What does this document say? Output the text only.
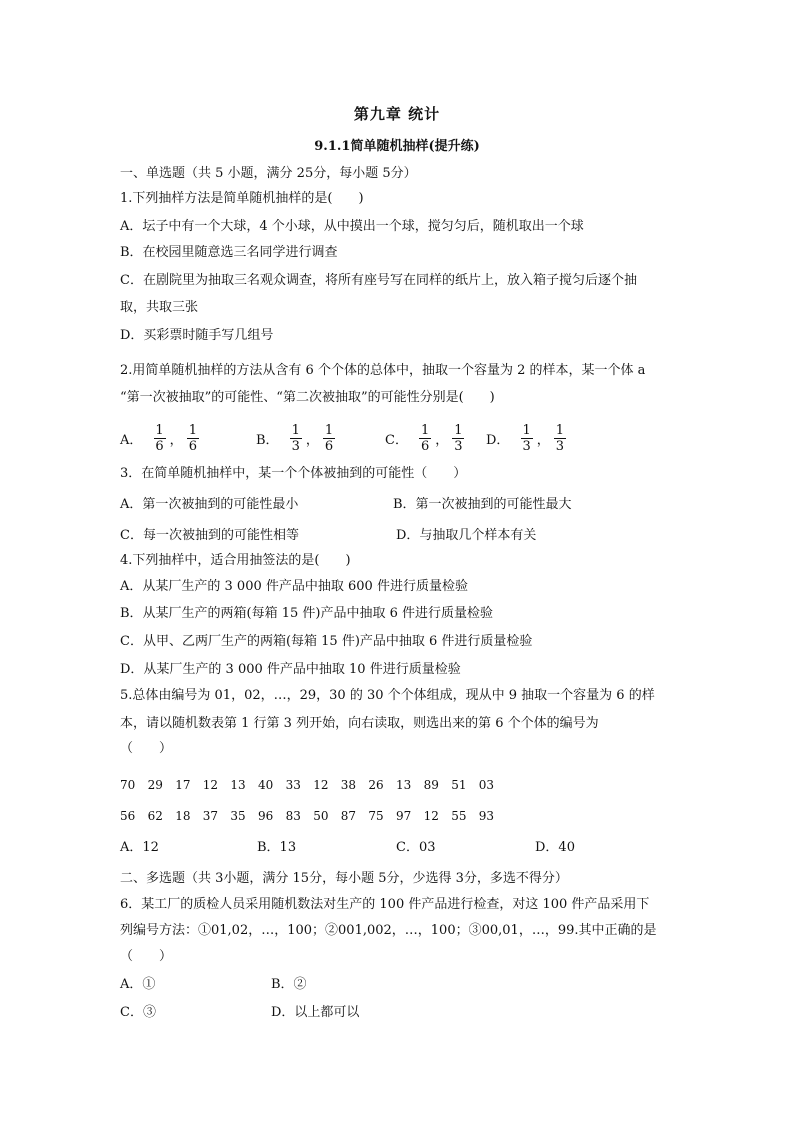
第九章 统计
9.1.1简单随机抽样(提升练)
一、单选题（共 5 小题，满分 25分，每小题 5分）
1.下列抽样方法是简单随机抽样的是(　　)
A．坛子中有一个大球，4 个小球，从中摸出一个球，搅匀匀后，随机取出一个球
B．在校园里随意选三名同学进行调查
C．在剧院里为抽取三名观众调查，将所有座号写在同样的纸片上，放入箱子搅匀后逐个抽
取，共取三张
D．买彩票时随手写几组号
2.用简单随机抽样的方法从含有 6 个个体的总体中，抽取一个容量为 2 的样本，某一个体 a
“第一次被抽取”的可能性、“第二次被抽取”的可能性分别是(　　)
A． $\frac{1}{6}$ ， $\frac{1}{6}$	B． $\frac{1}{3}$ ， $\frac{1}{6}$	C． $\frac{1}{6}$ ， $\frac{1}{3}$ D． $\frac{1}{3}$ ， $\frac{1}{3}$
3．在简单随机抽样中，某一个个体被抽到的可能性（　　）
A．第一次被抽到的可能性最小	B．第一次被抽到的可能性最大
C．每一次被抽到的可能性相等	D．与抽取几个样本有关
4.下列抽样中，适合用抽签法的是(　　)
A．从某厂生产的 3 000 件产品中抽取 600 件进行质量检验
B．从某厂生产的两箱(每箱 15 件)产品中抽取 6 件进行质量检验
C．从甲、乙两厂生产的两箱(每箱 15 件)产品中抽取 6 件进行质量检验
D．从某厂生产的 3 000 件产品中抽取 10 件进行质量检验
5.总体由编号为 01，02，…，29，30 的 30 个个体组成，现从中 9 抽取一个容量为 6 的样
本，请以随机数表第 1 行第 3 列开始，向右读取，则选出来的第 6 个个体的编号为
（　　）
70 29 17 12 13 40 33 12 38 26 13 89 51 03
56 62 18 37 35 96 83 50 87 75 97 12 55 93
A．12	B．13	C．03	D．40
二、多选题（共 3小题，满分 15分，每小题 5分，少选得 3分，多选不得分）
6．某工厂的质检人员采用随机数法对生产的 100 件产品进行检查，对这 100 件产品采用下
列编号方法：①01,02，…，100；②001,002，…，100；③00,01，…，99.其中正确的是
（　　）
A．①	B．②
C．③	D．以上都可以
